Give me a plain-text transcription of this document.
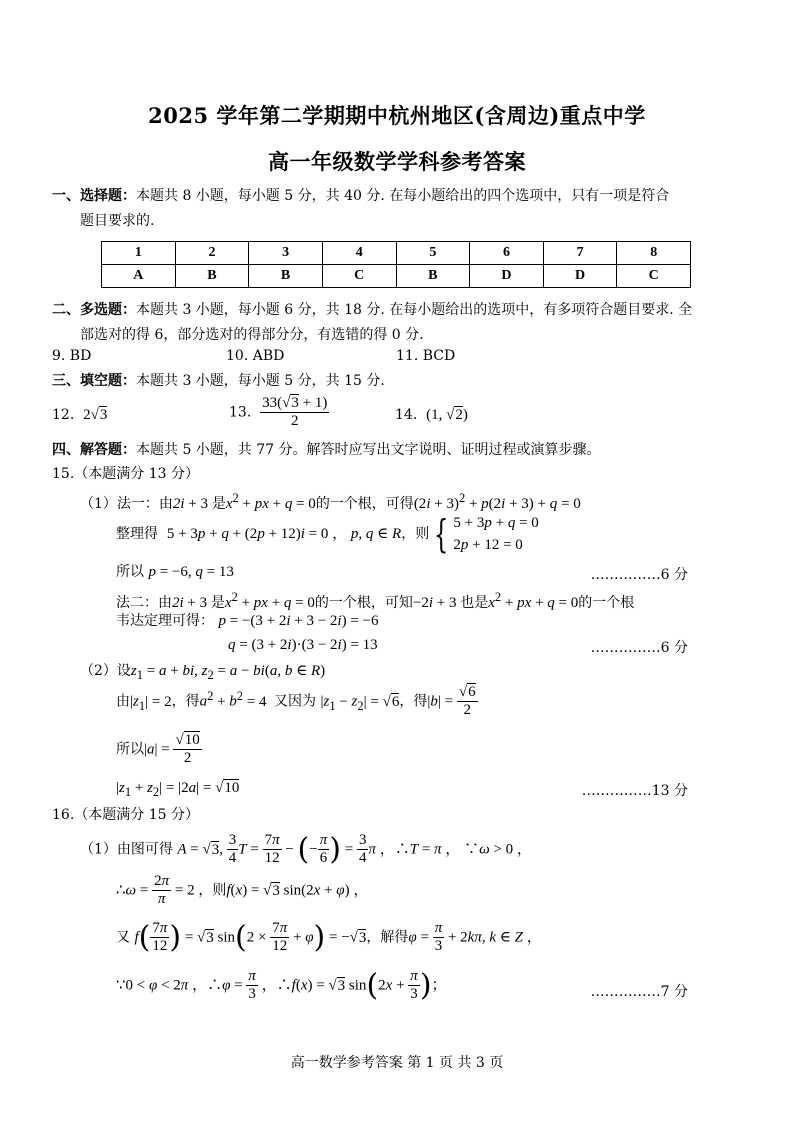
2025 学年第二学期期中杭州地区(含周边)重点中学
高一年级数学学科参考答案
一、选择题：本题共 8 小题，每小题 5 分，共 40 分. 在每小题给出的四个选项中，只有一项是符合
题目要求的.
1	2	3	4	5	6	7	8
A	B	B	C	B	D	D	C
二、多选题：本题共 3 小题，每小题 6 分，共 18 分. 在每小题给出的选项中，有多项符合题目要求. 全
部选对的得 6，部分选对的得部分分，有选错的得 0 分.
9. BD	10. ABD	11. BCD
三、填空题：本题共 3 小题，每小题 5 分，共 15 分.
12. 2√3	13. $\frac{33(√3 + 1)}{2}$	14. (1, √2)
四、解答题：本题共 5 小题，共 77 分。解答时应写出文字说明、证明过程或演算步骤。
15.（本题满分 13 分）
（1）法一：由2i + 3 是$x^2$ + px + q = 0的一个根，可得$(2i + 3)^2 + p(2i + 3) + q = 0$
整理得 5 + 3p + q + (2p + 12)i = 0 ， p, q ∈ R，则 { 5 + 3p + q = 0
2p + 12 = 0
所以 p = −6, q = 13	……………6 分
法二：由2i + 3 是$x^2$ + px + q = 0的一个根，可知−2i + 3 也是$x^2$ + px + q = 0的一个根
韦达定理可得： p = −(3 + 2i + 3 − 2i) = −6
q = (3 + 2i)·(3 − 2i) = 13	……………6 分
（2）设$z_1 = a$ + bi, $z_2 = a - bi(a$, b ∈ R)
由$|z_1| = 2$，得$a^2 + b^2 = 4$  又因为 $|z_1 - z_2| = √6$，得$|b| = \frac{√6}{2}$
所以$|a| = \frac{√10}{2}$
$|z_1 + z_2| = |2a| = √10$	……………13 分
16.（本题满分 15 分）
（1）由图可得 A = √3, $\frac{3}{4}$ $T = \frac{7\pi}{12}$ − (− $\frac{\pi}{6}$ ) = $\frac{3}{4}$ π ，∴T = π ， ∵ω > 0 ，
∴ω = $\frac{2\pi}{\pi} = 2$ ，则f(x) = √3 sin(2x + φ) ，
又 $f( \frac{7\pi}{12}$ ) = √3 $\sin(2 \times \frac{7\pi}{12} + \varphi) = -√3$，解得$\varphi = \frac{\pi}{3} + 2k\pi$, k ∈ Z ，
∵0 < φ < 2π ，∴φ = $\frac{\pi}{3}$ ，∴f(x) = √3 $\sin(2x + \frac{\pi}{3}$ )；	……………7 分
高一数学参考答案 第 1 页 共 3 页
